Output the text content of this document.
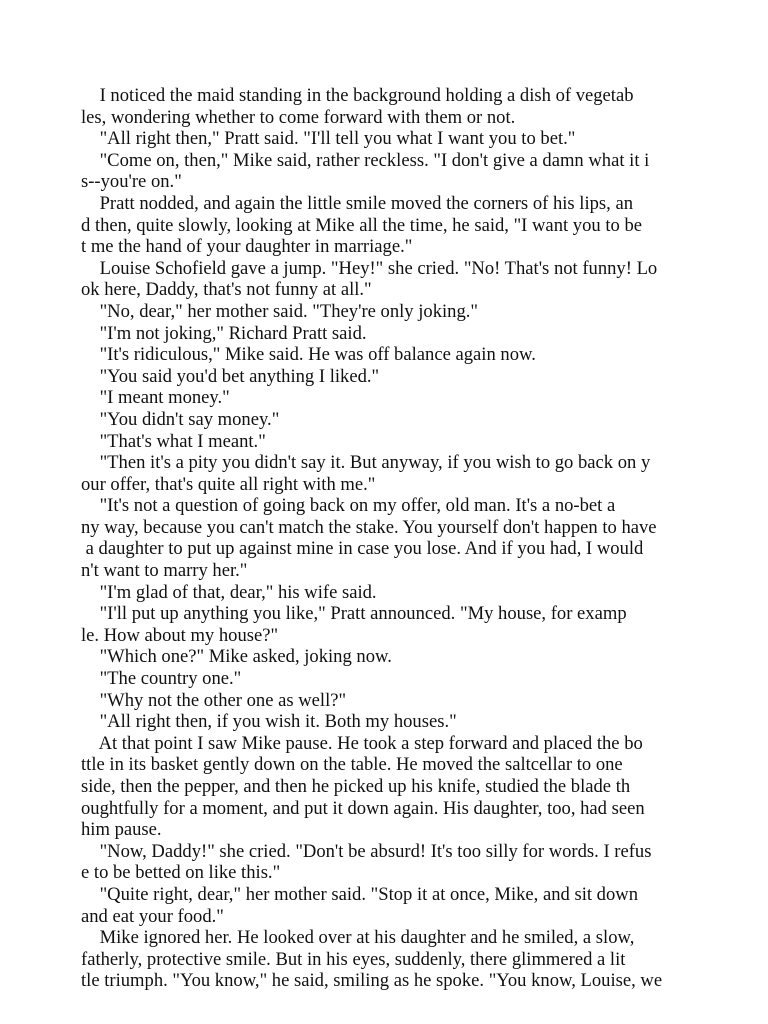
I noticed the maid standing in the background holding a dish of vegetab
les, wondering whether to come forward with them or not.
"All right then," Pratt said. "I'll tell you what I want you to bet."
"Come on, then," Mike said, rather reckless. "I don't give a damn what it i
s--you're on."
Pratt nodded, and again the little smile moved the corners of his lips, an
d then, quite slowly, looking at Mike all the time, he said, "I want you to be
t me the hand of your daughter in marriage."
Louise Schofield gave a jump. "Hey!" she cried. "No! That's not funny! Lo
ok here, Daddy, that's not funny at all."
"No, dear," her mother said. "They're only joking."
"I'm not joking," Richard Pratt said.
"It's ridiculous," Mike said. He was off balance again now.
"You said you'd bet anything I liked."
"I meant money."
"You didn't say money."
"That's what I meant."
"Then it's a pity you didn't say it. But anyway, if you wish to go back on y
our offer, that's quite all right with me."
"It's not a question of going back on my offer, old man. It's a no-bet a
ny way, because you can't match the stake. You yourself don't happen to have
a daughter to put up against mine in case you lose. And if you had, I would
n't want to marry her."
"I'm glad of that, dear," his wife said.
"I'll put up anything you like," Pratt announced. "My house, for examp
le. How about my house?"
"Which one?" Mike asked, joking now.
"The country one."
"Why not the other one as well?"
"All right then, if you wish it. Both my houses."
At that point I saw Mike pause. He took a step forward and placed the bo
ttle in its basket gently down on the table. He moved the saltcellar to one
side, then the pepper, and then he picked up his knife, studied the blade th
oughtfully for a moment, and put it down again. His daughter, too, had seen
him pause.
"Now, Daddy!" she cried. "Don't be absurd! It's too silly for words. I refus
e to be betted on like this."
"Quite right, dear," her mother said. "Stop it at once, Mike, and sit down
and eat your food."
Mike ignored her. He looked over at his daughter and he smiled, a slow,
fatherly, protective smile. But in his eyes, suddenly, there glimmered a lit
tle triumph. "You know," he said, smiling as he spoke. "You know, Louise, we
